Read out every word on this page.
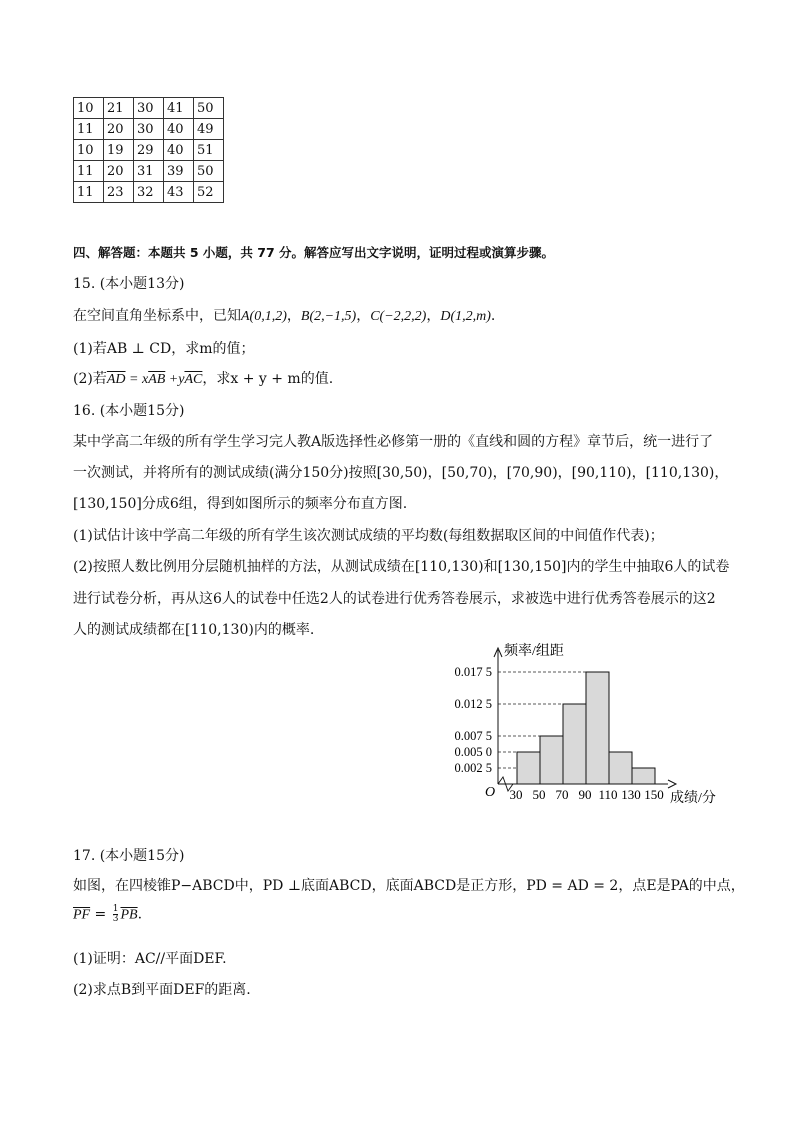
10	21	30	41	50
11	20	30	40	49
10	19	29	40	51
11	20	31	39	50
11	23	32	43	52
四、解答题：本题共 5 小题，共 77 分。解答应写出文字说明，证明过程或演算步骤。
15. (本小题13分)
在空间直角坐标系中，已知A(0,1,2)，B(2,−1,5)，C(−2,2,2)，D(1,2,m).
(1)若AB ⊥ CD，求m的值；
(2)若$\overline{AD} = x\overline{AB} +y\overline{AC}$，求x + y + m的值.
16. (本小题15分)
某中学高二年级的所有学生学习完人教A版选择性必修第一册的《直线和圆的方程》章节后，统一进行了
一次测试，并将所有的测试成绩(满分150分)按照[30,50)，[50,70)，[70,90)，[90,110)，[110,130)，
[130,150]分成6组，得到如图所示的频率分布直方图.
(1)试估计该中学高二年级的所有学生该次测试成绩的平均数(每组数据取区间的中间值作代表)；
(2)按照人数比例用分层随机抽样的方法，从测试成绩在[110,130)和[130,150]内的学生中抽取6人的试卷
进行试卷分析，再从这6人的试卷中任选2人的试卷进行优秀答卷展示，求被选中进行优秀答卷展示的这2
人的测试成绩都在[110,130)内的概率.
0.002 5
0.005 0
0.007 5
0.012 5
0.017 5
频率/组距
成绩/分
O 30 50 70 90 110 130 150
17. (本小题15分)
如图，在四棱锥P−ABCD中，PD ⊥底面ABCD，底面ABCD是正方形，PD = AD = 2，点E是PA的中点，
$\overline{PF} = \frac{1}{3} \overline{PB}$.
(1)证明：AC//平面DEF.
(2)求点B到平面DEF的距离.
